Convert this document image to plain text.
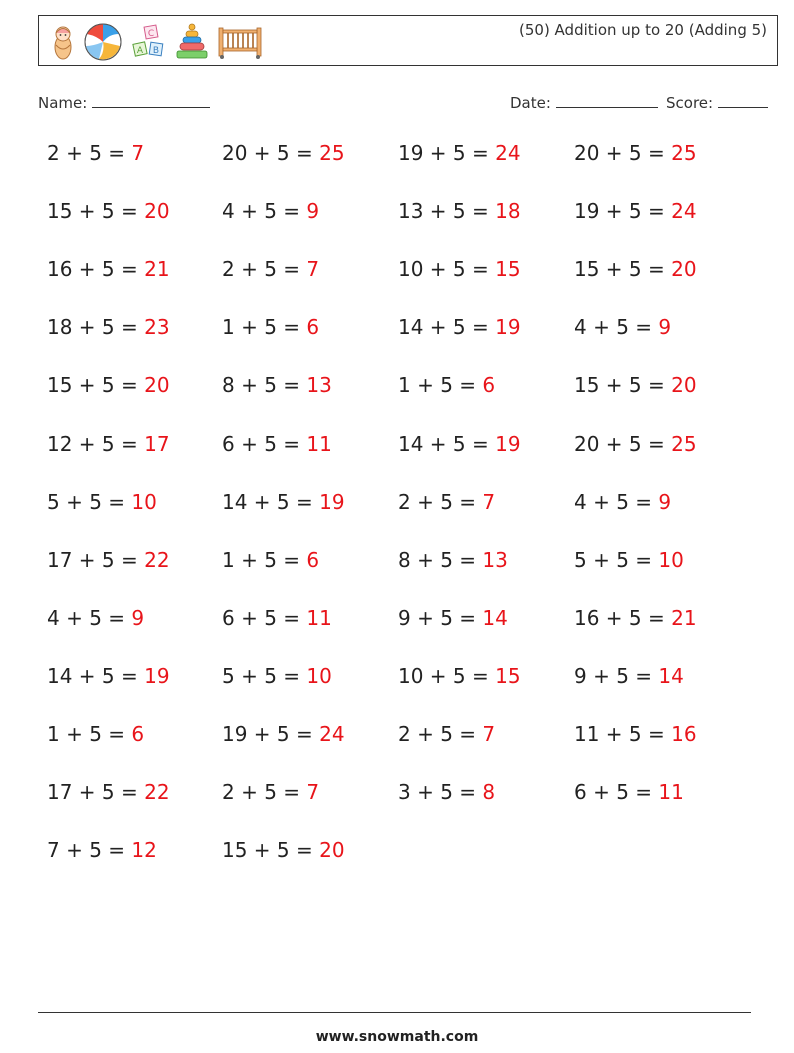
C
A B
(50) Addition up to 20 (Adding 5)
Name:	Date:	Score:
2 + 5 = 7	20 + 5 = 25	19 + 5 = 24	20 + 5 = 25
15 + 5 = 20	4 + 5 = 9	13 + 5 = 18	19 + 5 = 24
16 + 5 = 21	2 + 5 = 7	10 + 5 = 15	15 + 5 = 20
18 + 5 = 23	1 + 5 = 6	14 + 5 = 19	4 + 5 = 9
15 + 5 = 20	8 + 5 = 13	1 + 5 = 6	15 + 5 = 20
12 + 5 = 17	6 + 5 = 11	14 + 5 = 19	20 + 5 = 25
5 + 5 = 10	14 + 5 = 19	2 + 5 = 7	4 + 5 = 9
17 + 5 = 22	1 + 5 = 6	8 + 5 = 13	5 + 5 = 10
4 + 5 = 9	6 + 5 = 11	9 + 5 = 14	16 + 5 = 21
14 + 5 = 19	5 + 5 = 10	10 + 5 = 15	9 + 5 = 14
1 + 5 = 6	19 + 5 = 24	2 + 5 = 7	11 + 5 = 16
17 + 5 = 22	2 + 5 = 7	3 + 5 = 8	6 + 5 = 11
7 + 5 = 12	15 + 5 = 20
www.snowmath.com
